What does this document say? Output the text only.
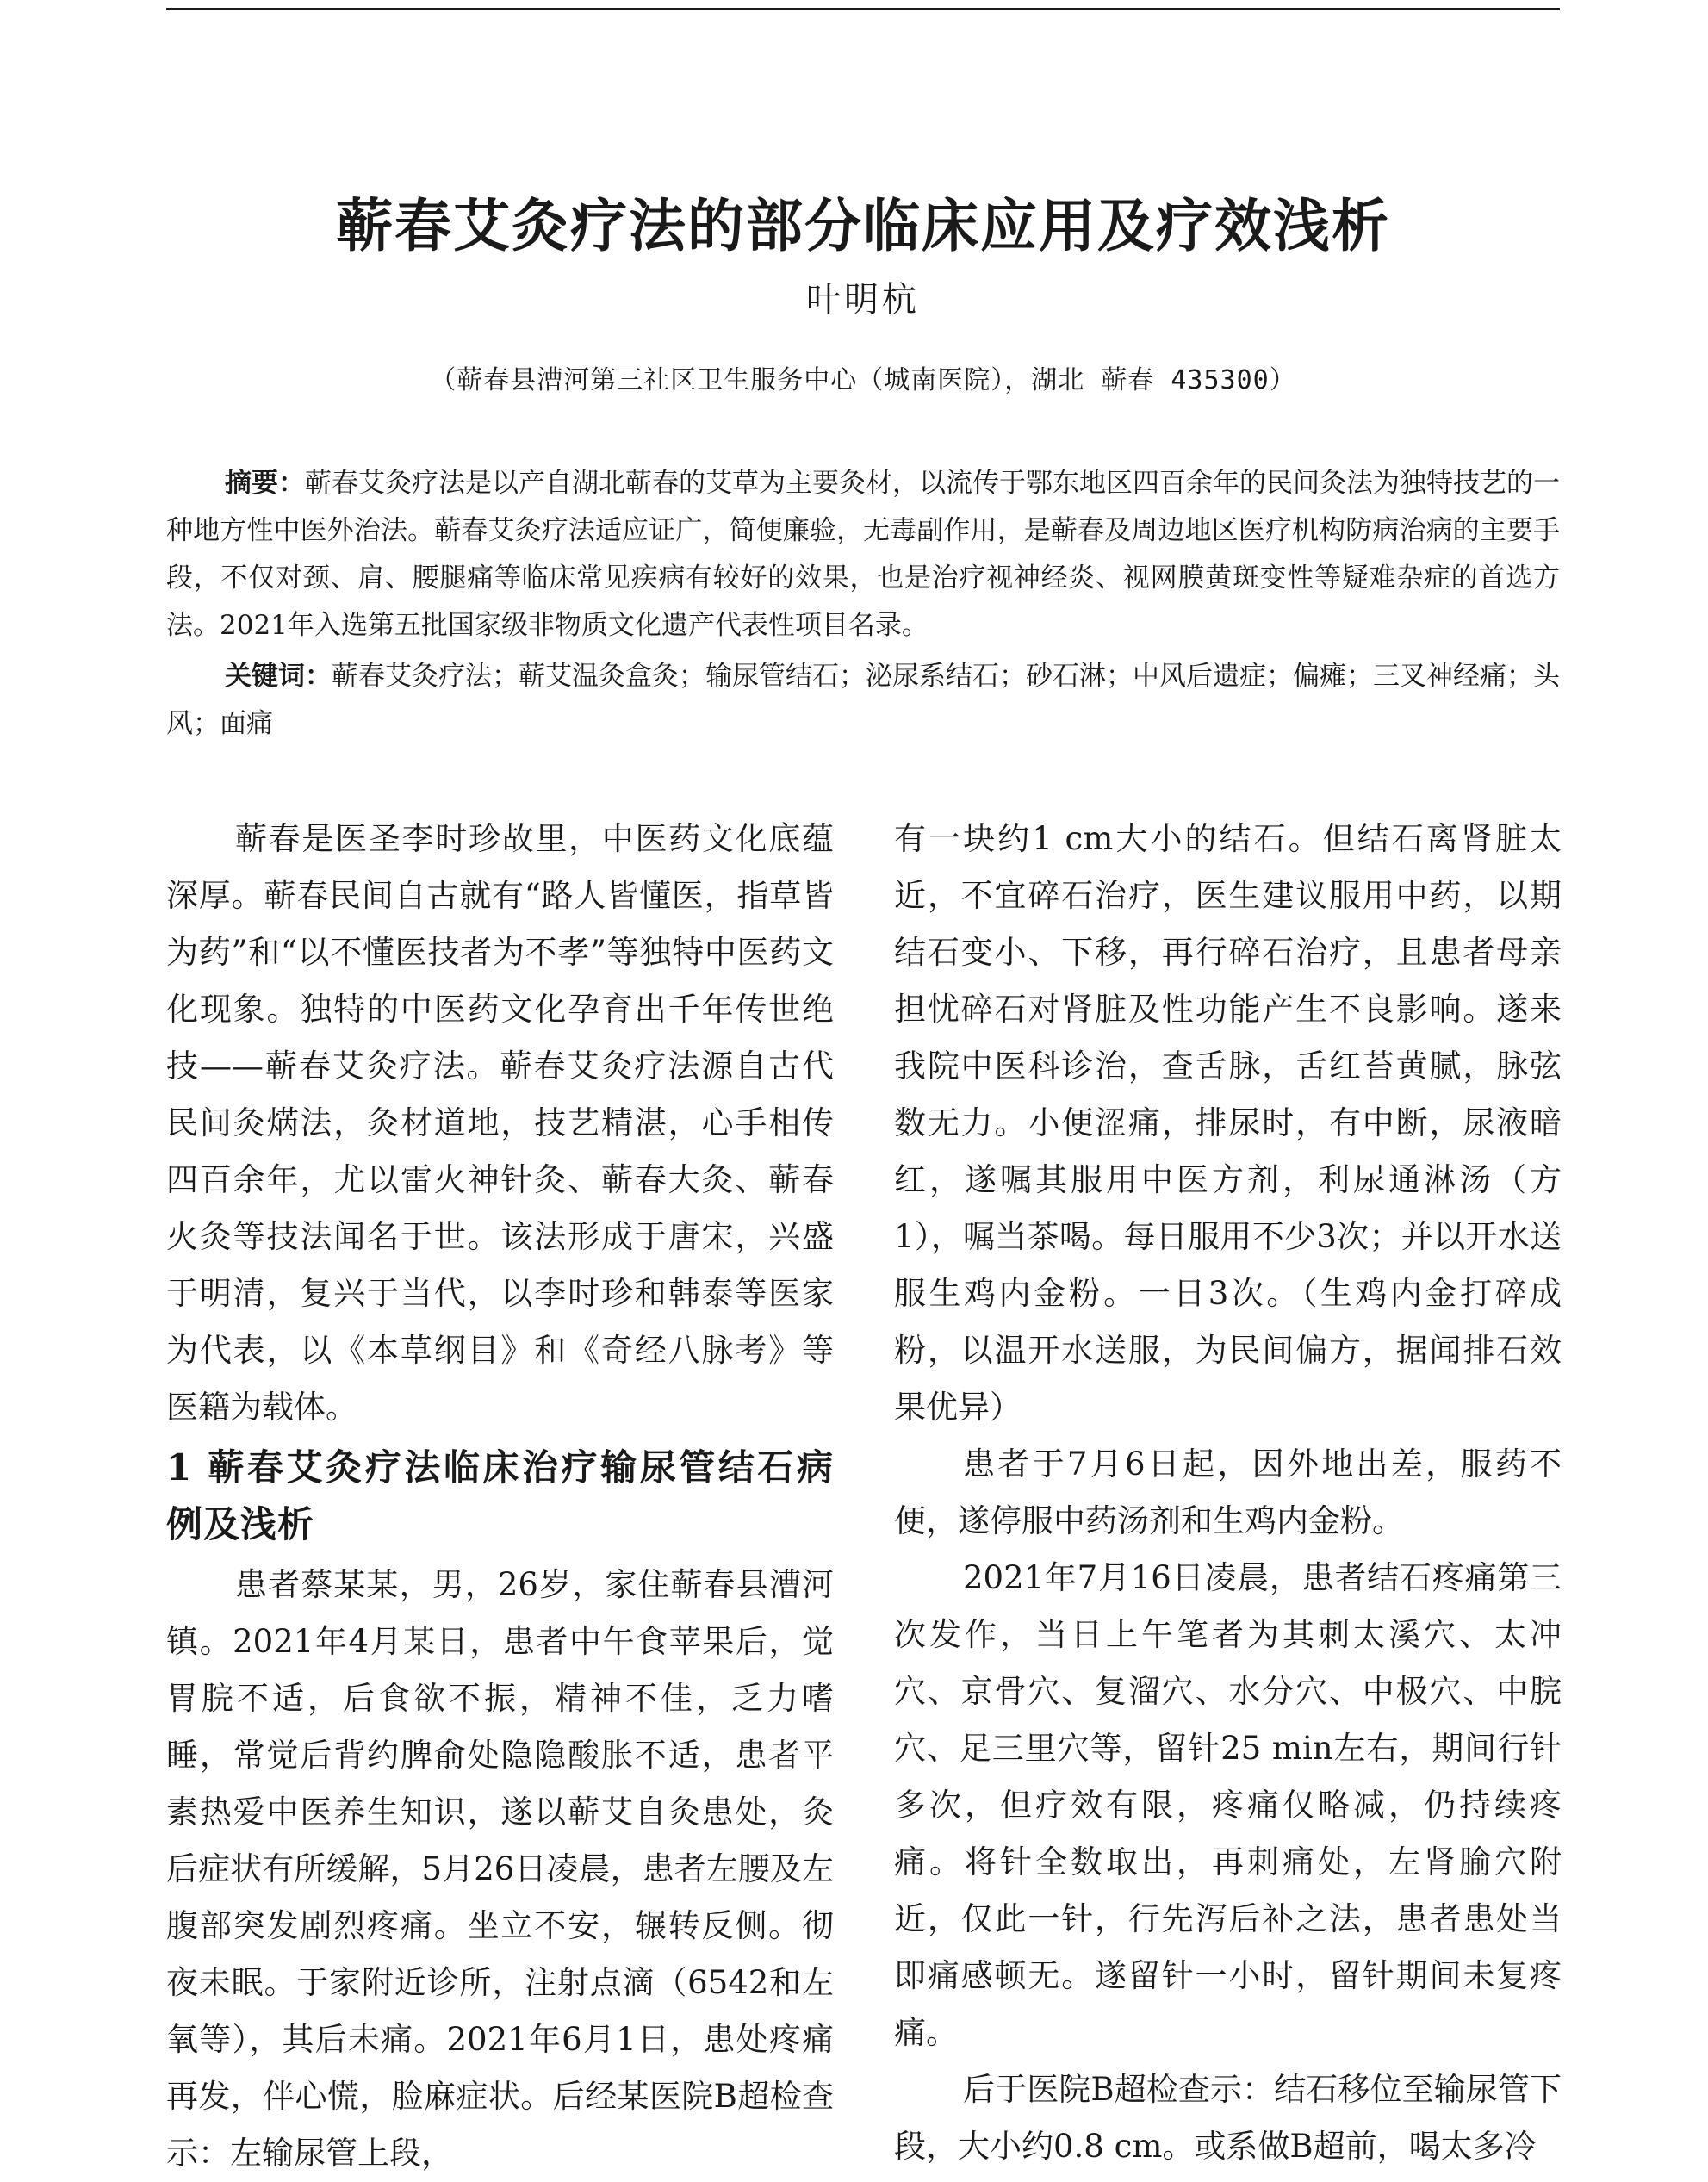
蕲春艾灸疗法的部分临床应用及疗效浅析
叶明杭
（蕲春县漕河第三社区卫生服务中心（城南医院），湖北 蕲春 435300）

摘要：蕲春艾灸疗法是以产自湖北蕲春的艾草为主要灸材，以流传于鄂东地区四百余年的民间灸法为独特技艺的一种地方性中医外治法。蕲春艾灸疗法适应证广，简便廉验，无毒副作用，是蕲春及周边地区医疗机构防病治病的主要手段，不仅对颈、肩、腰腿痛等临床常见疾病有较好的效果，也是治疗视神经炎、视网膜黄斑变性等疑难杂症的首选方法。2021年入选第五批国家级非物质文化遗产代表性项目名录。

关键词：蕲春艾灸疗法；蕲艾温灸盒灸；输尿管结石；泌尿系结石；砂石淋；中风后遗症；偏瘫；三叉神经痛；头风；面痛

蕲春是医圣李时珍故里，中医药文化底蕴深厚。蕲春民间自古就有“路人皆懂医，指草皆为药”和“以不懂医技者为不孝”等独特中医药文化现象。独特的中医药文化孕育出千年传世绝技——蕲春艾灸疗法。蕲春艾灸疗法源自古代民间灸焫法，灸材道地，技艺精湛，心手相传四百余年，尤以雷火神针灸、蕲春大灸、蕲春火灸等技法闻名于世。该法形成于唐宋，兴盛于明清，复兴于当代，以李时珍和韩泰等医家为代表，以《本草纲目》和《奇经八脉考》等医籍为载体。

1 蕲春艾灸疗法临床治疗输尿管结石病例及浅析

患者蔡某某，男，26岁，家住蕲春县漕河镇。2021年4月某日，患者中午食苹果后，觉胃脘不适，后食欲不振，精神不佳，乏力嗜睡，常觉后背约脾俞处隐隐酸胀不适，患者平素热爱中医养生知识，遂以蕲艾自灸患处，灸后症状有所缓解，5月26日凌晨，患者左腰及左腹部突发剧烈疼痛。坐立不安，辗转反侧。彻夜未眠。于家附近诊所，注射点滴（6542和左氧等），其后未痛。2021年6月1日，患处疼痛再发，伴心慌，脸麻症状。后经某医院B超检查示：左输尿管上段，

有一块约1 cm大小的结石。但结石离肾脏太近，不宜碎石治疗，医生建议服用中药，以期结石变小、下移，再行碎石治疗，且患者母亲担忧碎石对肾脏及性功能产生不良影响。遂来我院中医科诊治，查舌脉，舌红苔黄腻，脉弦数无力。小便涩痛，排尿时，有中断，尿液暗红，遂嘱其服用中医方剂，利尿通淋汤（方1），嘱当茶喝。每日服用不少3次；并以开水送服生鸡内金粉。一日3次。（生鸡内金打碎成粉，以温开水送服，为民间偏方，据闻排石效果优异）

患者于7月6日起，因外地出差，服药不便，遂停服中药汤剂和生鸡内金粉。

2021年7月16日凌晨，患者结石疼痛第三次发作，当日上午笔者为其刺太溪穴、太冲穴、京骨穴、复溜穴、水分穴、中极穴、中脘穴、足三里穴等，留针25 min左右，期间行针多次，但疗效有限，疼痛仅略减，仍持续疼痛。将针全数取出，再刺痛处，左肾腧穴附近，仅此一针，行先泻后补之法，患者患处当即痛感顿无。遂留针一小时，留针期间未复疼痛。

后于医院B超检查示：结石移位至输尿管下段，大小约0.8 cm。或系做B超前，喝太多冷
